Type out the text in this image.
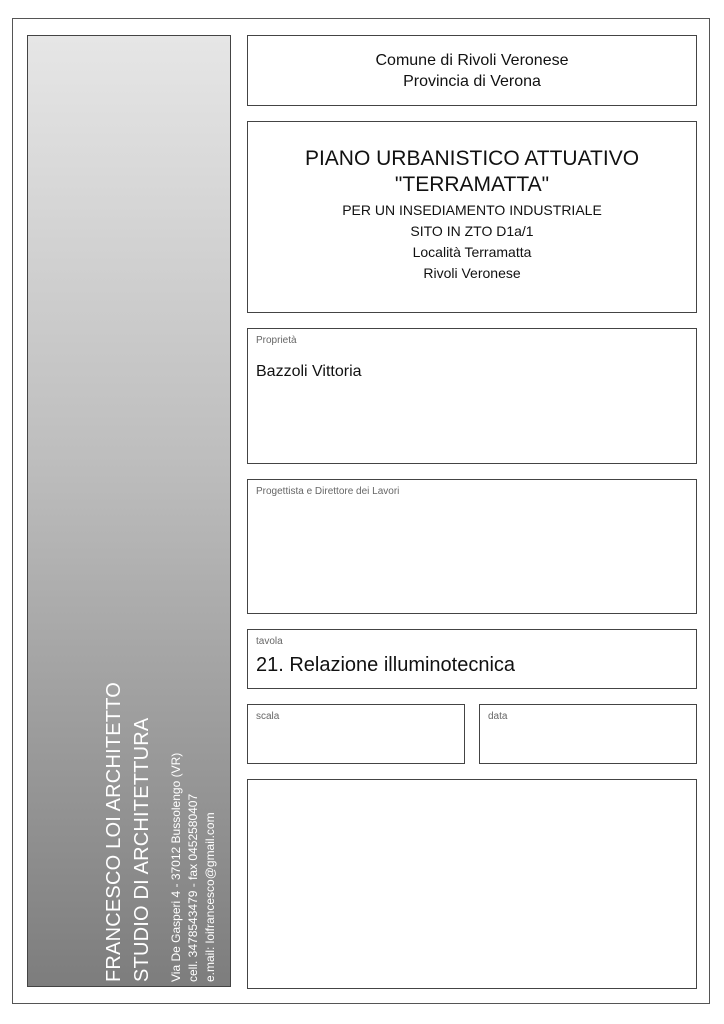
FRANCESCO LOI ARCHITETTO STUDIO DI ARCHITETTURA Via De Gasperi 4 - 37012 Bussolengo (VR) cell. 3478543479 - fax 0452580407 e.mail: loifrancesco@gmail.com
Comune di Rivoli Veronese
Provincia di Verona
PIANO URBANISTICO ATTUATIVO
"TERRAMATTA"
PER UN INSEDIAMENTO INDUSTRIALE
SITO IN ZTO D1a/1
Località Terramatta
Rivoli Veronese
Proprietà
Bazzoli Vittoria
Progettista e Direttore dei Lavori
tavola
21. Relazione illuminotecnica
scala	data
